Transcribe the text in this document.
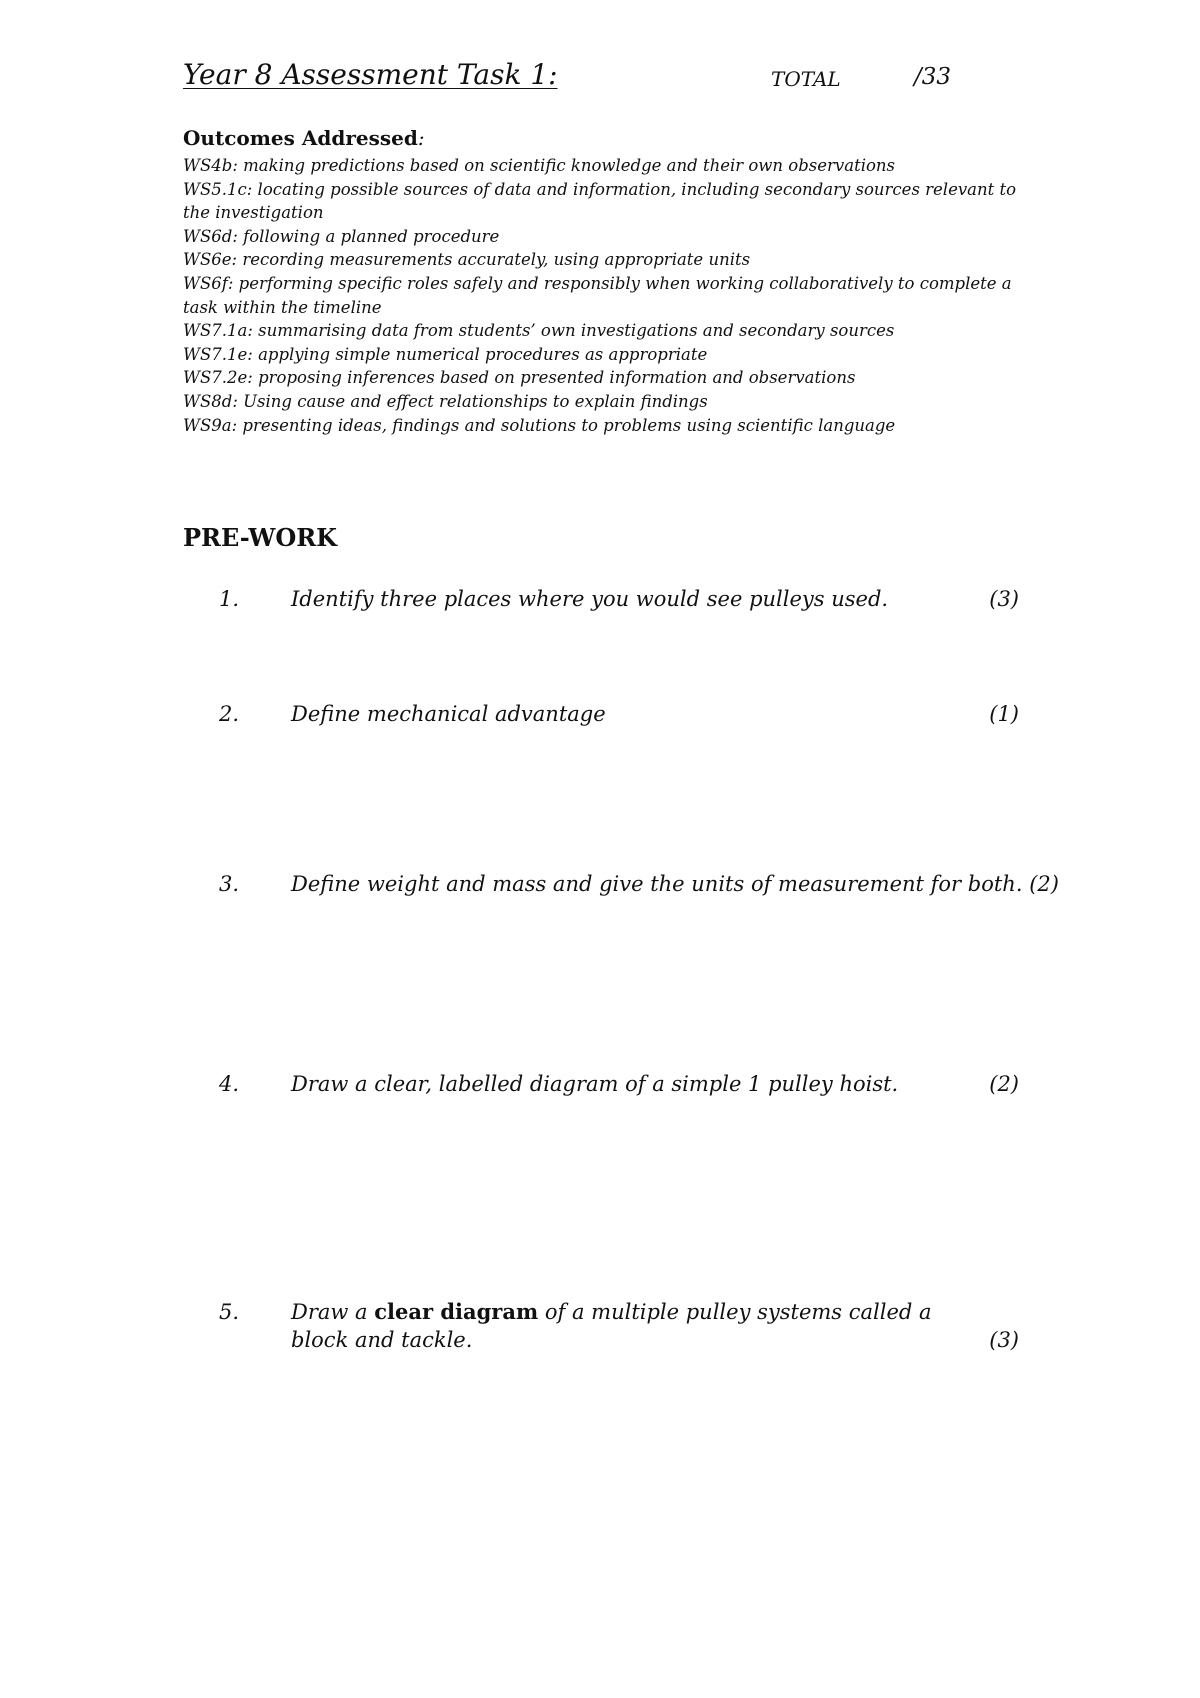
Year 8 Assessment Task 1:	TOTAL	/33
Outcomes Addressed:
WS4b: making predictions based on scientific knowledge and their own observations
WS5.1c: locating possible sources of data and information, including secondary sources relevant to the investigation
WS6d: following a planned procedure
WS6e: recording measurements accurately, using appropriate units
WS6f: performing specific roles safely and responsibly when working collaboratively to complete a task within the timeline
WS7.1a: summarising data from students’ own investigations and secondary sources
WS7.1e: applying simple numerical procedures as appropriate
WS7.2e: proposing inferences based on presented information and observations
WS8d: Using cause and effect relationships to explain findings
WS9a: presenting ideas, findings and solutions to problems using scientific language
PRE-WORK
1. Identify three places where you would see pulleys used.	(3)
2. Define mechanical advantage	(1)
3. Define weight and mass and give the units of measurement for both. (2)
4. Draw a clear, labelled diagram of a simple 1 pulley hoist.	(2)
5. Draw a clear diagram of a multiple pulley systems called a block and tackle.	(3)
